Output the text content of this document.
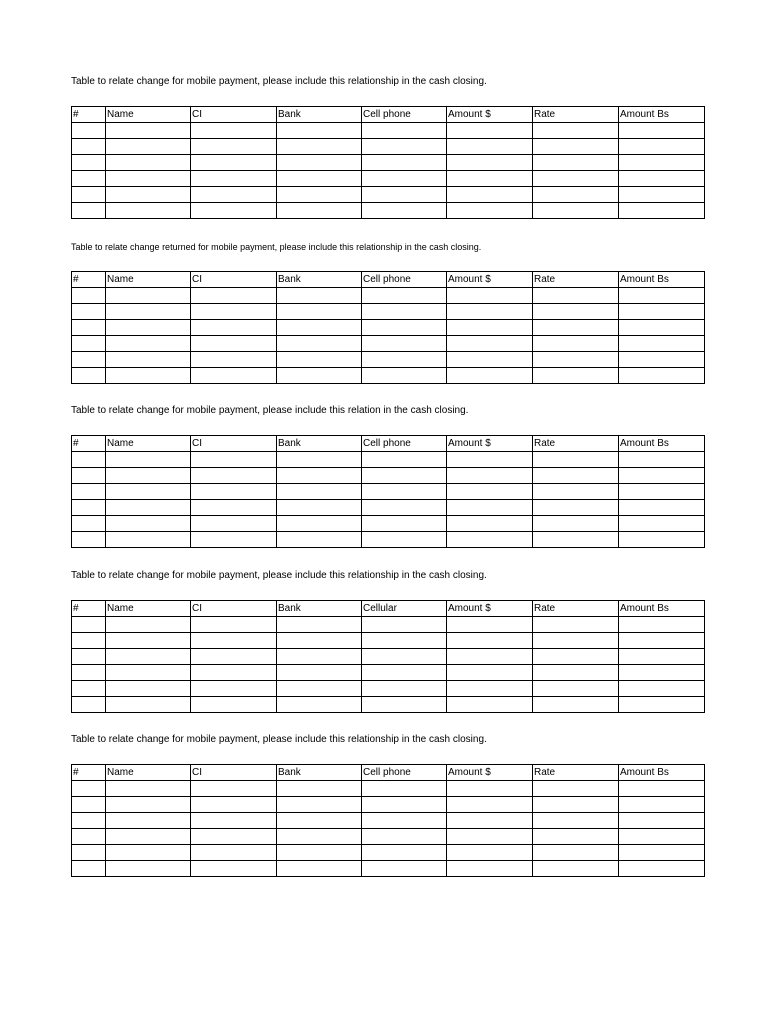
Table to relate change for mobile payment, please include this relationship in the cash closing.
#	Name	CI	Bank	Cell phone	Amount $	Rate	Amount Bs

Table to relate change returned for mobile payment, please include this relationship in the cash closing.
#	Name	CI	Bank	Cell phone	Amount $	Rate	Amount Bs

Table to relate change for mobile payment, please include this relation in the cash closing.
#	Name	CI	Bank	Cell phone	Amount $	Rate	Amount Bs

Table to relate change for mobile payment, please include this relationship in the cash closing.
#	Name	CI	Bank	Cellular	Amount $	Rate	Amount Bs

Table to relate change for mobile payment, please include this relationship in the cash closing.
#	Name	CI	Bank	Cell phone	Amount $	Rate	Amount Bs
